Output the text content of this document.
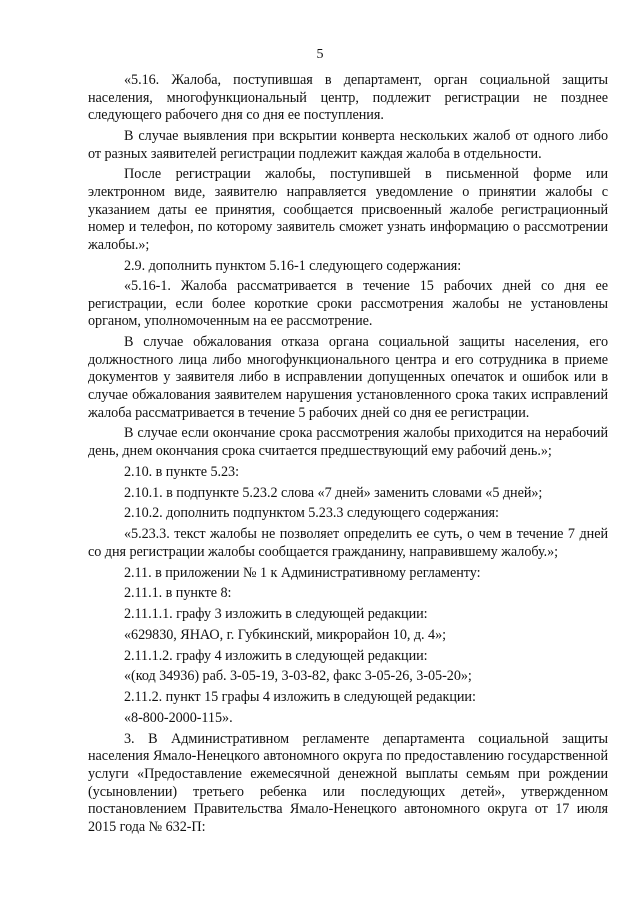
5

«5.16. Жалоба, поступившая в департамент, орган социальной защиты населения, многофункциональный центр, подлежит регистрации не позднее следующего рабочего дня со дня ее поступления.

В случае выявления при вскрытии конверта нескольких жалоб от одного либо от разных заявителей регистрации подлежит каждая жалоба в отдельности.

После регистрации жалобы, поступившей в письменной форме или электронном виде, заявителю направляется уведомление о принятии жалобы с указанием даты ее принятия, сообщается присвоенный жалобе регистрационный номер и телефон, по которому заявитель сможет узнать информацию о рассмотрении жалобы.»;

2.9. дополнить пунктом 5.16-1 следующего содержания:

«5.16-1. Жалоба рассматривается в течение 15 рабочих дней со дня ее регистрации, если более короткие сроки рассмотрения жалобы не установлены органом, уполномоченным на ее рассмотрение.

В случае обжалования отказа органа социальной защиты населения, его должностного лица либо многофункционального центра и его сотрудника в приеме документов у заявителя либо в исправлении допущенных опечаток и ошибок или в случае обжалования заявителем нарушения установленного срока таких исправлений жалоба рассматривается в течение 5 рабочих дней со дня ее регистрации.

В случае если окончание срока рассмотрения жалобы приходится на нерабочий день, днем окончания срока считается предшествующий ему рабочий день.»;

2.10. в пункте 5.23:

2.10.1. в подпункте 5.23.2 слова «7 дней» заменить словами «5 дней»;

2.10.2. дополнить подпунктом 5.23.3 следующего содержания:

«5.23.3. текст жалобы не позволяет определить ее суть, о чем в течение 7 дней со дня регистрации жалобы сообщается гражданину, направившему жалобу.»;

2.11. в приложении № 1 к Административному регламенту:

2.11.1. в пункте 8:

2.11.1.1. графу 3 изложить в следующей редакции:

«629830, ЯНАО, г. Губкинский, микрорайон 10, д. 4»;

2.11.1.2. графу 4 изложить в следующей редакции:

«(код 34936) раб. 3-05-19, 3-03-82, факс 3-05-26, 3-05-20»;

2.11.2. пункт 15 графы 4 изложить в следующей редакции:

«8-800-2000-115».

3. В Административном регламенте департамента социальной защиты населения Ямало-Ненецкого автономного округа по предоставлению государственной услуги «Предоставление ежемесячной денежной выплаты семьям при рождении (усыновлении) третьего ребенка или последующих детей», утвержденном постановлением Правительства Ямало-Ненецкого автономного округа от 17 июля 2015 года № 632-П:
